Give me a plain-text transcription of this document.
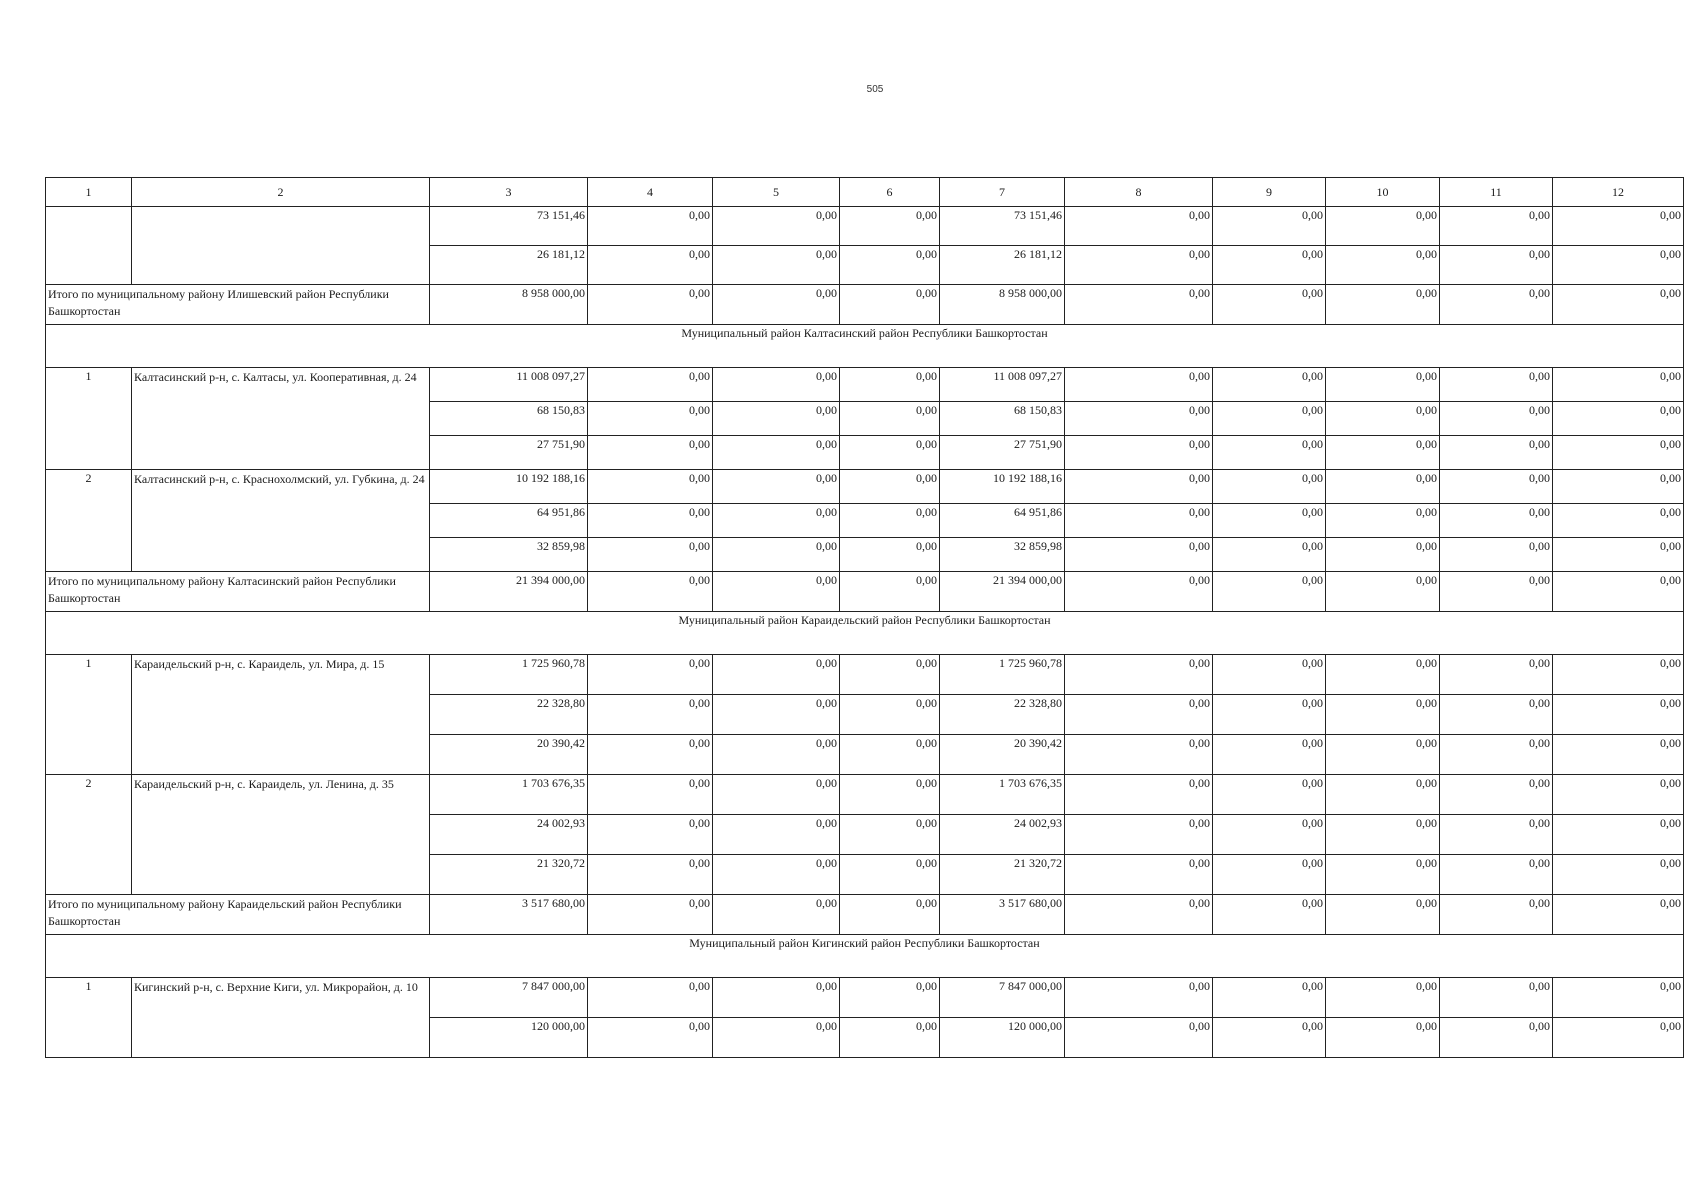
505
1	2	3	4	5	6	7	8	9	10	11	12
		73 151,46	0,00	0,00	0,00	73 151,46	0,00	0,00	0,00	0,00	0,00
		26 181,12	0,00	0,00	0,00	26 181,12	0,00	0,00	0,00	0,00	0,00
Итого по муниципальному району Илишевский район Республики Башкортостан		8 958 000,00	0,00	0,00	0,00	8 958 000,00	0,00	0,00	0,00	0,00	0,00
Муниципальный район Калтасинский район Республики Башкортостан											
1	Калтасинский р-н, с. Калтасы, ул. Кооперативная, д. 24	11 008 097,27	0,00	0,00	0,00	11 008 097,27	0,00	0,00	0,00	0,00	0,00
		68 150,83	0,00	0,00	0,00	68 150,83	0,00	0,00	0,00	0,00	0,00
		27 751,90	0,00	0,00	0,00	27 751,90	0,00	0,00	0,00	0,00	0,00
2	Калтасинский р-н, с. Краснохолмский, ул. Губкина, д. 24	10 192 188,16	0,00	0,00	0,00	10 192 188,16	0,00	0,00	0,00	0,00	0,00
		64 951,86	0,00	0,00	0,00	64 951,86	0,00	0,00	0,00	0,00	0,00
		32 859,98	0,00	0,00	0,00	32 859,98	0,00	0,00	0,00	0,00	0,00
Итого по муниципальному району Калтасинский район Республики Башкортостан		21 394 000,00	0,00	0,00	0,00	21 394 000,00	0,00	0,00	0,00	0,00	0,00
Муниципальный район Караидельский район Республики Башкортостан											
1	Караидельский р-н, с. Караидель, ул. Мира, д. 15	1 725 960,78	0,00	0,00	0,00	1 725 960,78	0,00	0,00	0,00	0,00	0,00
		22 328,80	0,00	0,00	0,00	22 328,80	0,00	0,00	0,00	0,00	0,00
		20 390,42	0,00	0,00	0,00	20 390,42	0,00	0,00	0,00	0,00	0,00
2	Караидельский р-н, с. Караидель, ул. Ленина, д. 35	1 703 676,35	0,00	0,00	0,00	1 703 676,35	0,00	0,00	0,00	0,00	0,00
		24 002,93	0,00	0,00	0,00	24 002,93	0,00	0,00	0,00	0,00	0,00
		21 320,72	0,00	0,00	0,00	21 320,72	0,00	0,00	0,00	0,00	0,00
Итого по муниципальному району Караидельский район Республики Башкортостан		3 517 680,00	0,00	0,00	0,00	3 517 680,00	0,00	0,00	0,00	0,00	0,00
Муниципальный район Кигинский район Республики Башкортостан											
1	Кигинский р-н, с. Верхние Киги, ул. Микрорайон, д. 10	7 847 000,00	0,00	0,00	0,00	7 847 000,00	0,00	0,00	0,00	0,00	0,00
		120 000,00	0,00	0,00	0,00	120 000,00	0,00	0,00	0,00	0,00	0,00
